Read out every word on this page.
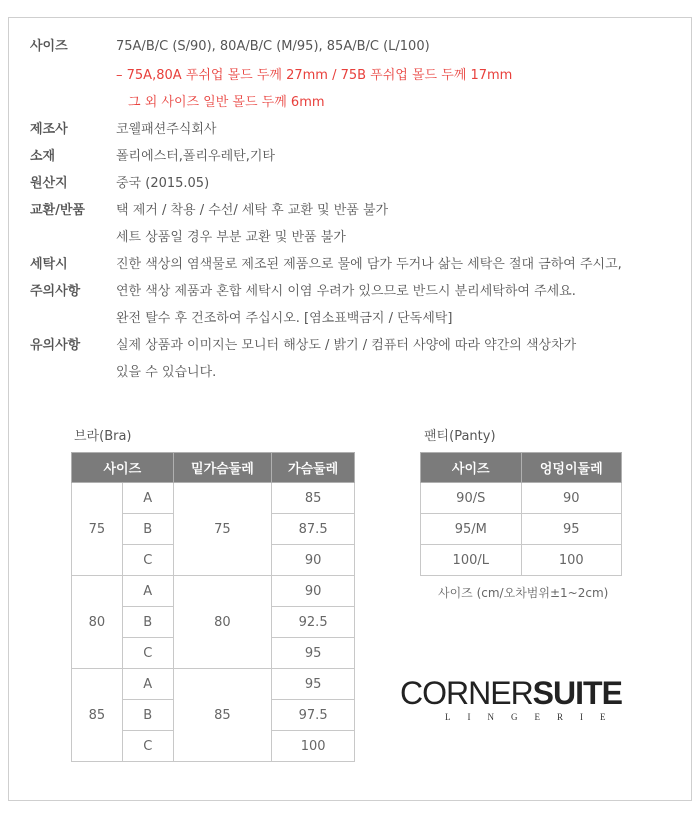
사이즈	75A/B/C (S/90), 80A/B/C (M/95), 85A/B/C (L/100)
– 75A,80A 푸쉬업 몰드 두께 27mm / 75B 푸쉬업 몰드 두께 17mm
그 외 사이즈 일반 몰드 두께 6mm
제조사	코웰패션주식회사
소재	폴리에스터,폴리우레탄,기타
원산지	중국 (2015.05)
교환/반품 택 제거 / 착용 / 수선/ 세탁 후 교환 및 반품 불가
세트 상품일 경우 부분 교환 및 반품 불가
세탁시	진한 색상의 염색물로 제조된 제품으로 물에 담가 두거나 삶는 세탁은 절대 금하여 주시고,
주의사항	연한 색상 제품과 혼합 세탁시 이염 우려가 있으므로 반드시 분리세탁하여 주세요.
완전 탈수 후 건조하여 주십시오. [염소표백금지 / 단독세탁]
유의사항	실제 상품과 이미지는 모니터 해상도 / 밝기 / 컴퓨터 사양에 따라 약간의 색상차가
있을 수 있습니다.
브라(Bra)
사이즈		밑가슴둘레	가슴둘레
75	A	75	85
	B		87.5
	C		90
80	A	80	90
	B		92.5
	C		95
85	A	85	95
	B		97.5
	C		100
팬티(Panty)
사이즈	엉덩이둘레
90/S	90
95/M	95
100/L	100
사이즈 (cm/오차범위±1~2cm)
CORNERSUITE
LINGERIE
